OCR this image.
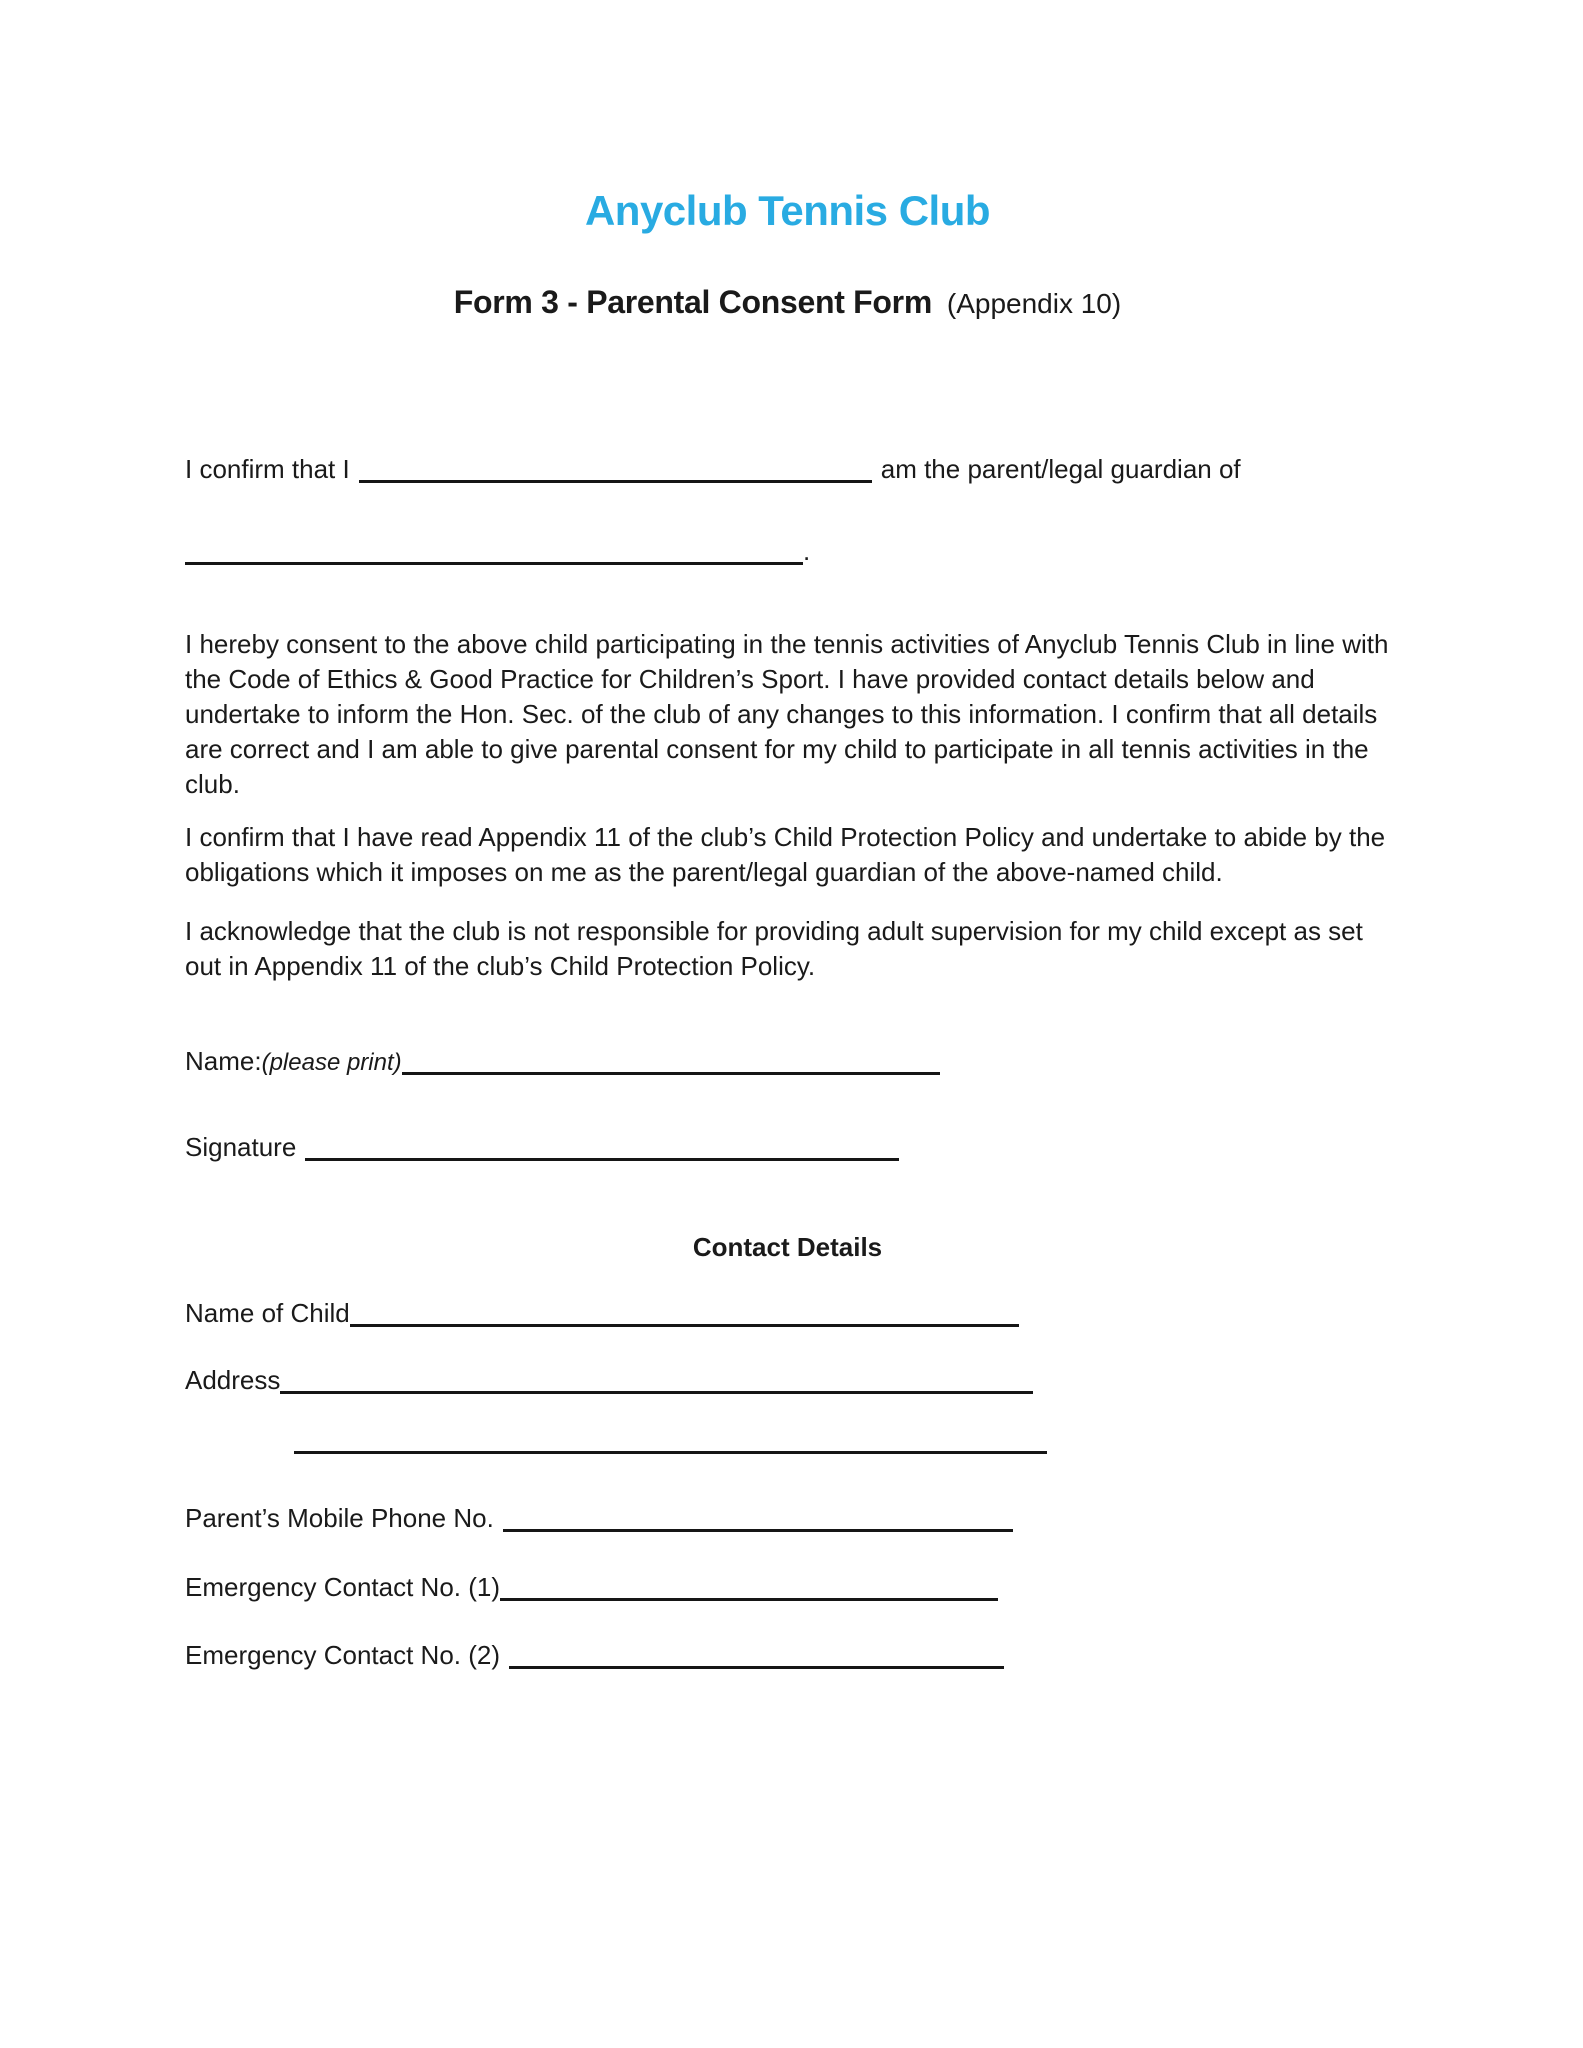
Anyclub Tennis Club
Form 3 - Parental Consent Form (Appendix 10)

I confirm that I	am the parent/legal guardian of

.

I hereby consent to the above child participating in the tennis activities of Anyclub Tennis Club in line with the Code of Ethics & Good Practice for Children’s Sport. I have provided contact details below and undertake to inform the Hon. Sec. of the club of any changes to this information. I confirm that all details are correct and I am able to give parental consent for my child to participate in all tennis activities in the club.

I confirm that I have read Appendix 11 of the club’s Child Protection Policy and undertake to abide by the obligations which it imposes on me as the parent/legal guardian of the above-named child.

I acknowledge that the club is not responsible for providing adult supervision for my child except as set out in Appendix 11 of the club’s Child Protection Policy.

Name:(please print)

Signature

Contact Details

Name of Child

Address

Parent’s Mobile Phone No.

Emergency Contact No. (1)

Emergency Contact No. (2)
